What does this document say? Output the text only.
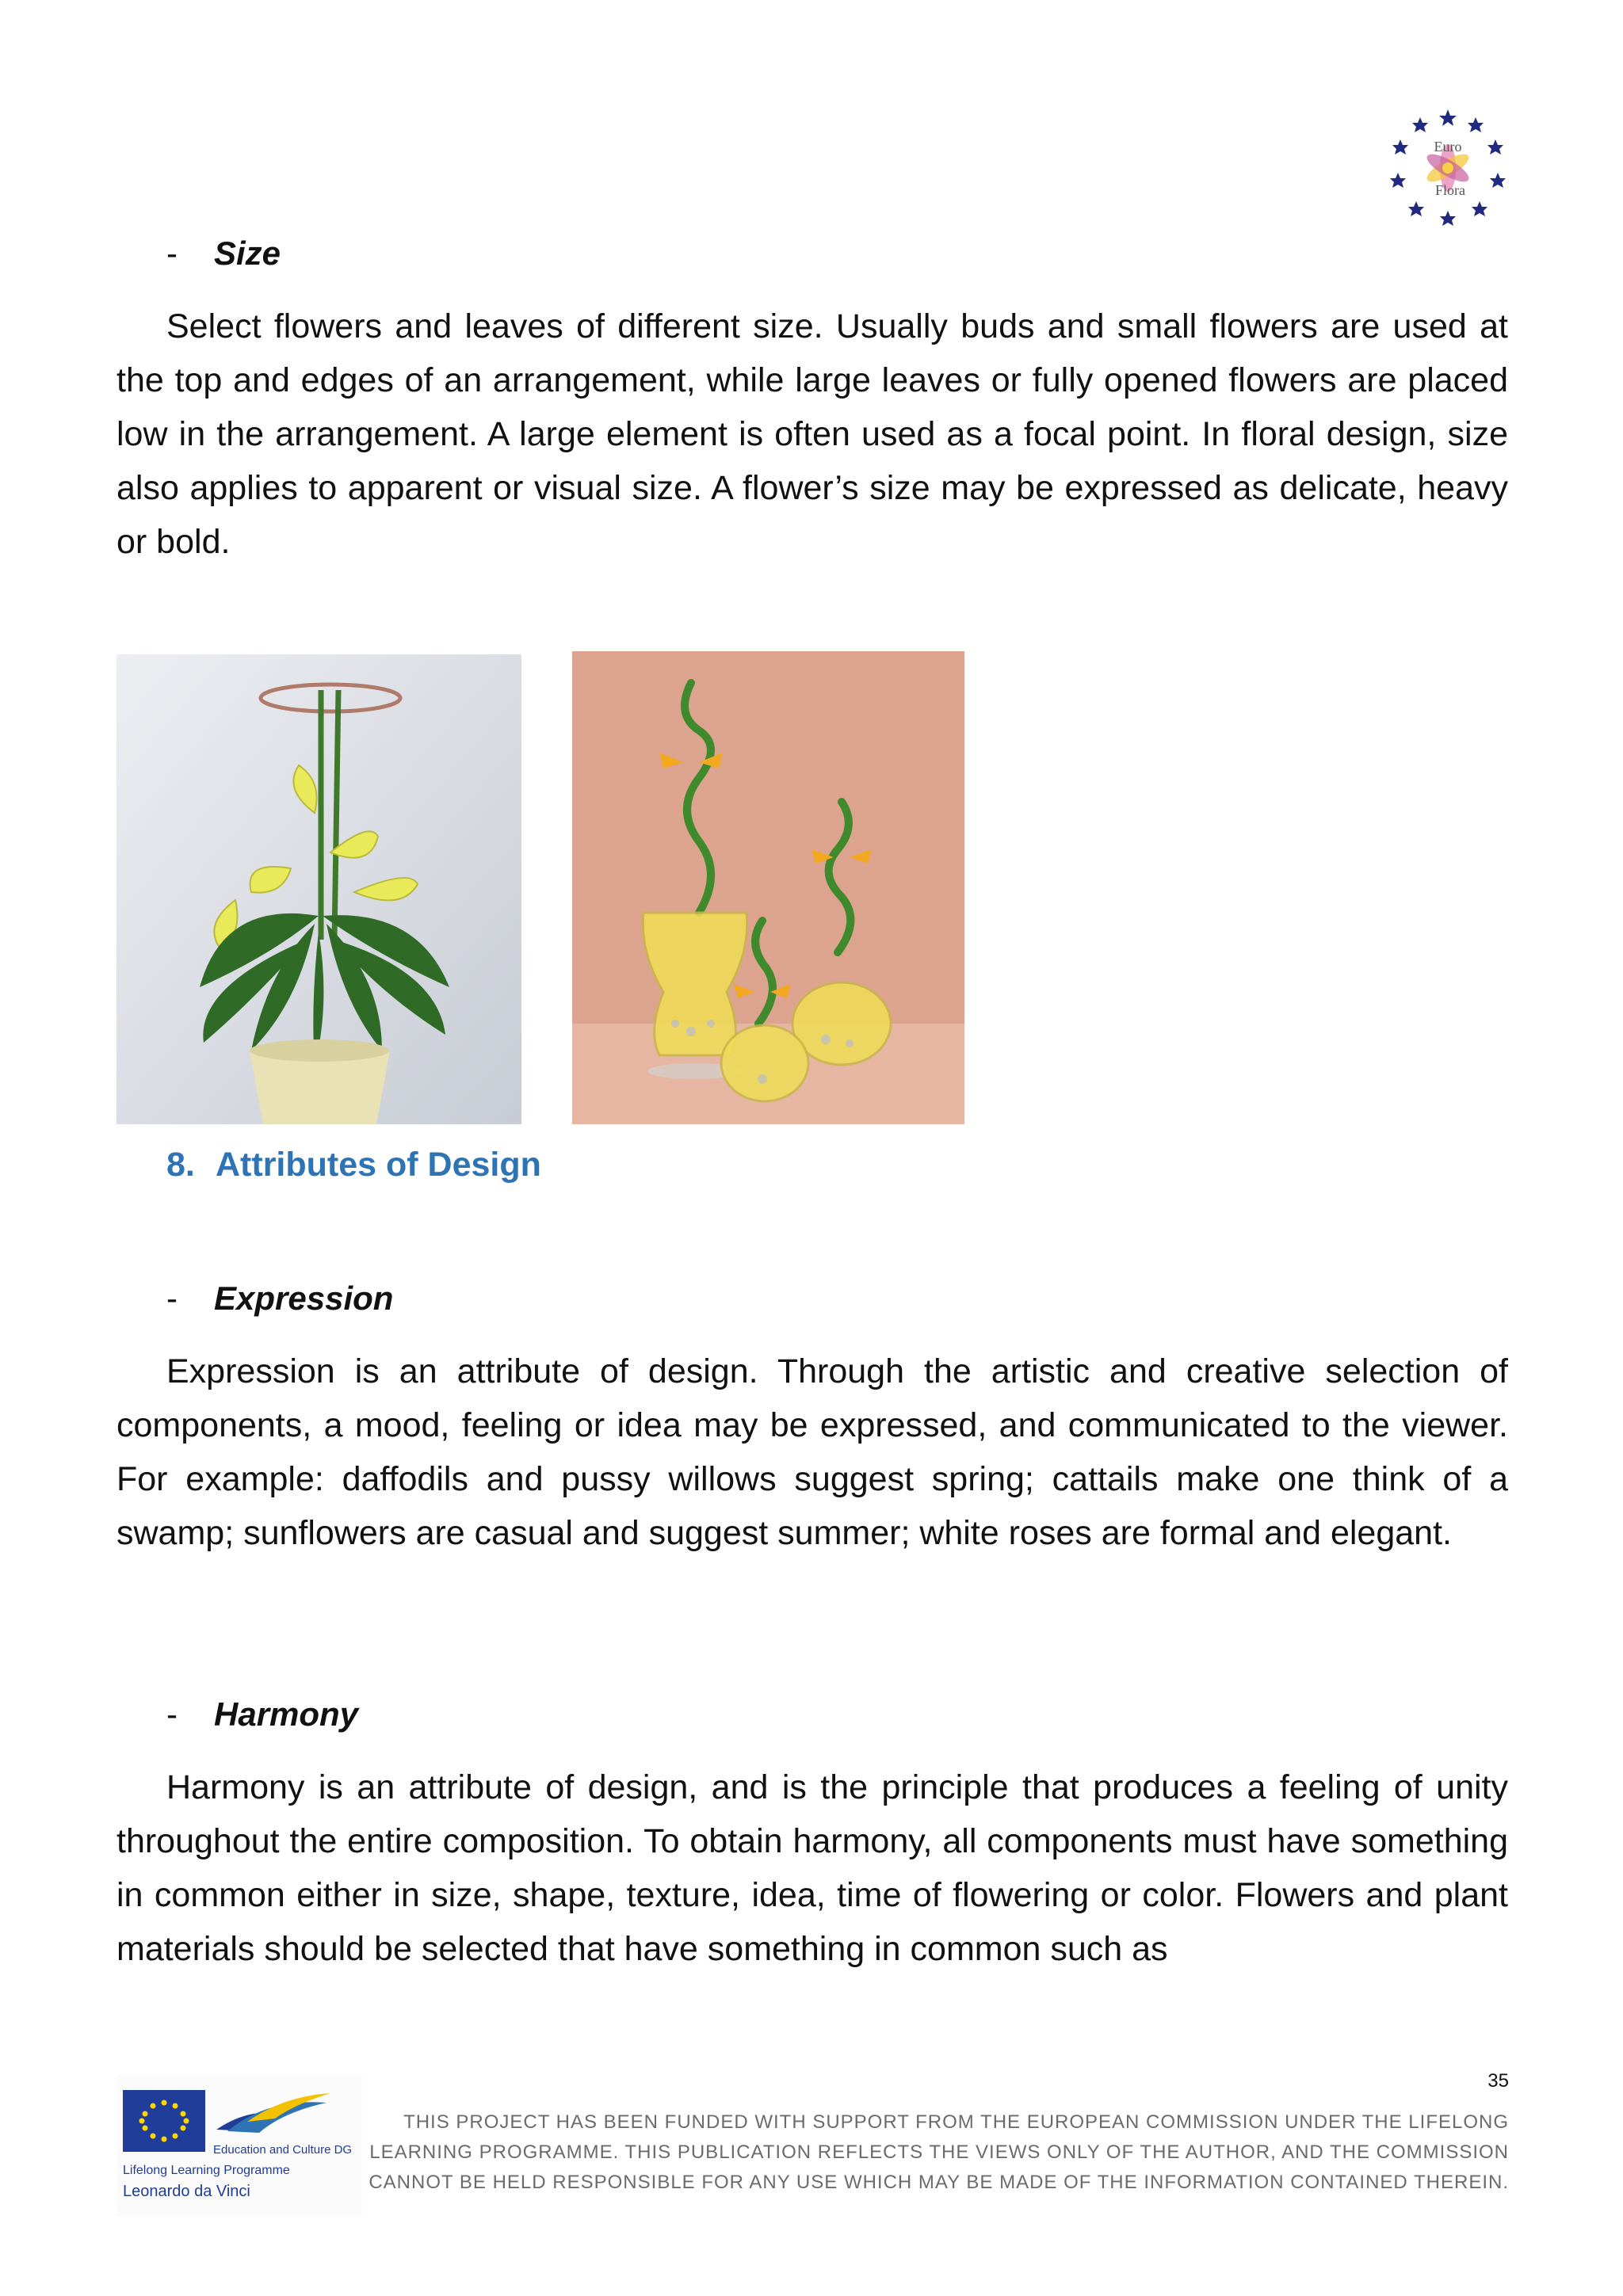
Euro
Flora
-	Size

Select flowers and leaves of different size. Usually buds and small flowers are used at the top and edges of an arrangement, while large leaves or fully opened flowers are placed low in the arrangement. A large element is often used as a focal point. In floral design, size also applies to apparent or visual size. A flower’s size may be expressed as delicate, heavy or bold.

8. Attributes of Design
-	Expression

Expression is an attribute of design. Through the artistic and creative selection of components, a mood, feeling or idea may be expressed, and communicated to the viewer. For example: daffodils and pussy willows suggest spring; cattails make one think of a swamp; sunflowers are casual and suggest summer; white roses are formal and elegant.

-	Harmony

Harmony is an attribute of design, and is the principle that produces a feeling of unity throughout the entire composition. To obtain harmony, all components must have something in common either in size, shape, texture, idea, time of flowering or color. Flowers and plant materials should be selected that have something in common such as

35
Education and Culture DG
Lifelong Learning Programme
Leonardo da Vinci
THIS PROJECT HAS BEEN FUNDED WITH SUPPORT FROM THE EUROPEAN COMMISSION UNDER THE LIFELONG LEARNING PROGRAMME. THIS PUBLICATION REFLECTS THE VIEWS ONLY OF THE AUTHOR, AND THE COMMISSION CANNOT BE HELD RESPONSIBLE FOR ANY USE WHICH MAY BE MADE OF THE INFORMATION CONTAINED THEREIN.
